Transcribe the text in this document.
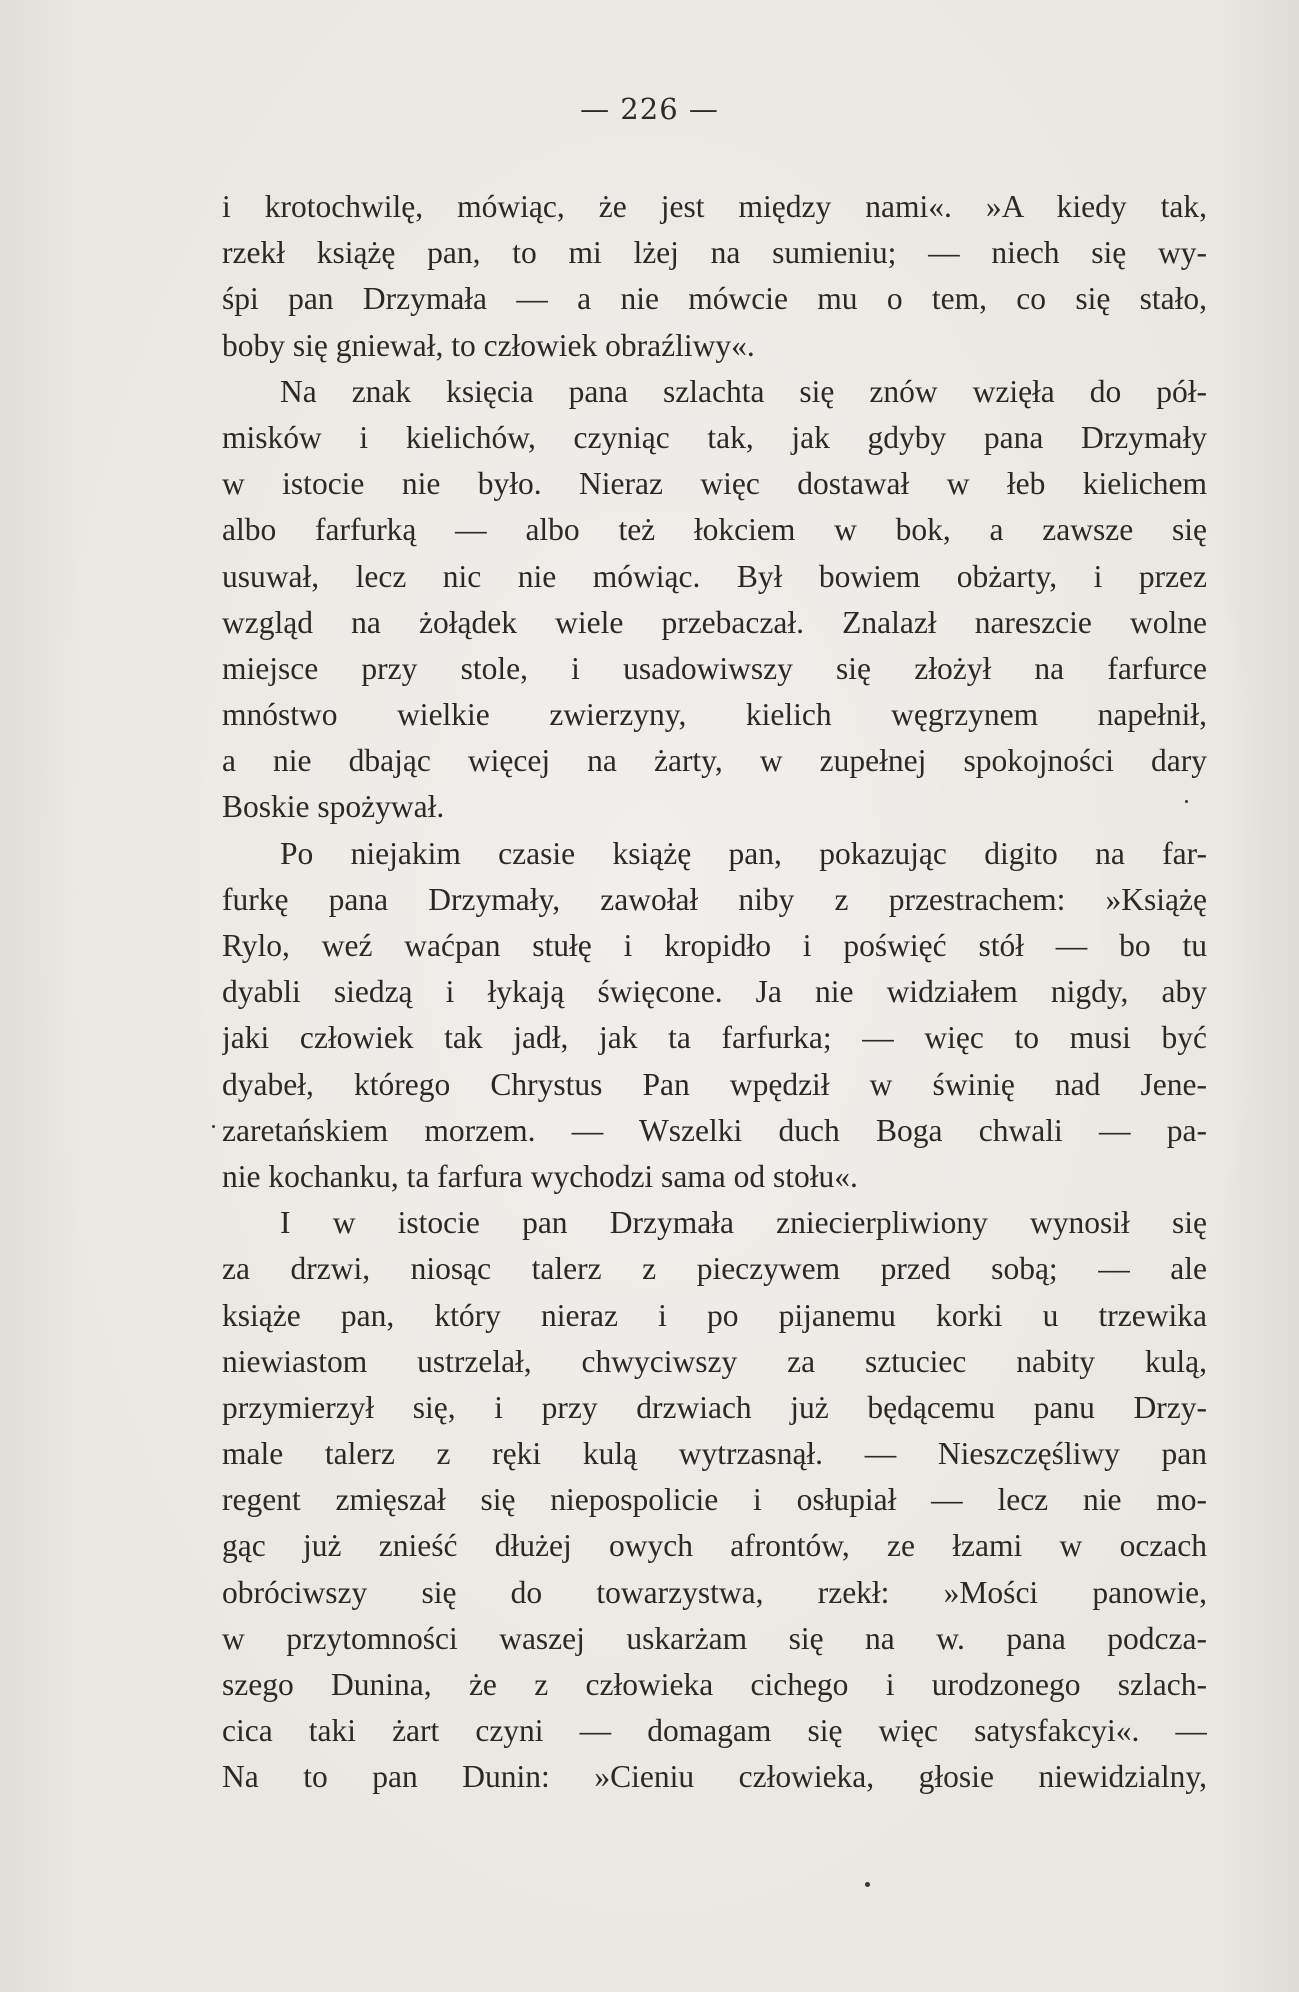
— 226 —
i krotochwilę, mówiąc, że jest między nami«. »A kiedy tak,
rzekł książę pan, to mi lżej na sumieniu; — niech się wy-
śpi pan Drzymała — a nie mówcie mu o tem, co się stało,
boby się gniewał, to człowiek obraźliwy«.
Na znak księcia pana szlachta się znów wzięła do pół-
misków i kielichów, czyniąc tak, jak gdyby pana Drzymały
w istocie nie było. Nieraz więc dostawał w łeb kielichem
albo farfurką — albo też łokciem w bok, a zawsze się
usuwał, lecz nic nie mówiąc. Był bowiem obżarty, i przez
wzgląd na żołądek wiele przebaczał. Znalazł nareszcie wolne
miejsce przy stole, i usadowiwszy się złożył na farfurce
mnóstwo wielkie zwierzyny, kielich węgrzynem napełnił,
a nie dbając więcej na żarty, w zupełnej spokojności dary
Boskie spożywał.
Po niejakim czasie książę pan, pokazując digito na far-
furkę pana Drzymały, zawołał niby z przestrachem: »Książę
Rylo, weź waćpan stułę i kropidło i poświęć stół — bo tu
dyabli siedzą i łykają święcone. Ja nie widziałem nigdy, aby
jaki człowiek tak jadł, jak ta farfurka; — więc to musi być
dyabeł, którego Chrystus Pan wpędził w świnię nad Jene-
zaretańskiem morzem. — Wszelki duch Boga chwali — pa-
nie kochanku, ta farfura wychodzi sama od stołu«.
I w istocie pan Drzymała zniecierpliwiony wynosił się
za drzwi, niosąc talerz z pieczywem przed sobą; — ale
książe pan, który nieraz i po pijanemu korki u trzewika
niewiastom ustrzelał, chwyciwszy za sztuciec nabity kulą,
przymierzył się, i przy drzwiach już będącemu panu Drzy-
male talerz z ręki kulą wytrzasnął. — Nieszczęśliwy pan
regent zmięszał się niepospolicie i osłupiał — lecz nie mo-
gąc już znieść dłużej owych afrontów, ze łzami w oczach
obróciwszy się do towarzystwa, rzekł: »Mości panowie,
w przytomności waszej uskarżam się na w. pana podcza-
szego Dunina, że z człowieka cichego i urodzonego szlach-
cica taki żart czyni — domagam się więc satysfakcyi«. —
Na to pan Dunin: »Cieniu człowieka, głosie niewidzialny,
